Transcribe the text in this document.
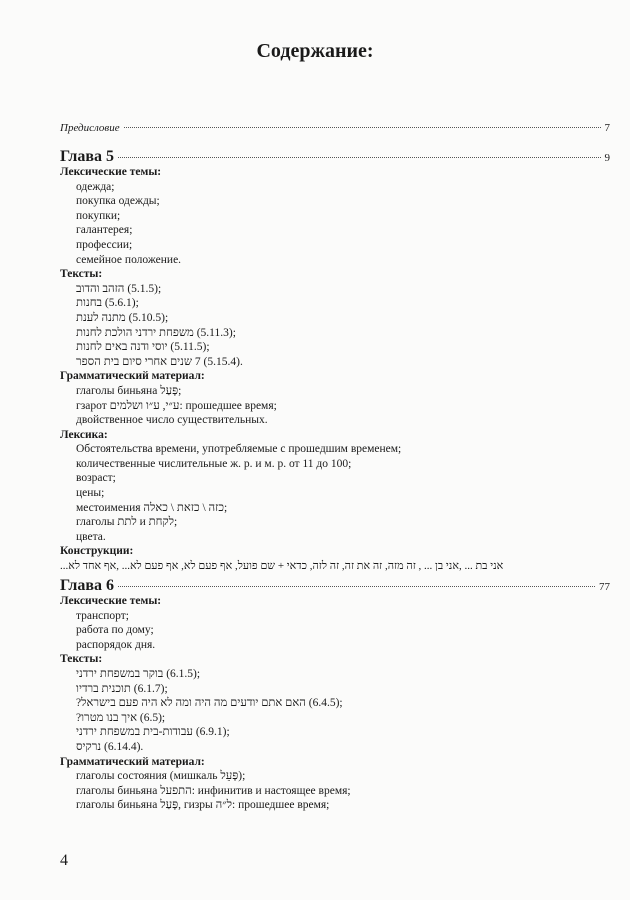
Содержание:
Предисловие	7
Глава 5	9
Лексические темы:
одежда;
покупка одежды;
покупки;
галантерея;
профессии;
семейное положение.
Тексты:
הזהב והדוב (5.1.5);
בחנות (5.6.1);
מתנה לענת (5.10.5);
משפחת ירדני הולכת לחנות (5.11.3);
יוסי ודנה באים לחנות (5.11.5);
7 שנים אחרי סיום בית הספר (5.15.4).
Грамматический материал:
глаголы биньяна פָּעַל;
гзарот ע״י, ע״ו ושלמים: прошедшее время;
двойственное число существительных.
Лексика:
Обстоятельства времени, употребляемые с прошедшим временем;
количественные числительные ж. р. и м. р. от 11 до 100;
возраст;
цены;
местоимения כזה \ כזאת \ כאלה;
глаголы לתת и לקחת;
цвета.
Конструкции:
אני בת ... ,אני בן ... , זה מזה, זה את זה, זה לזה, כדאי + שם פועל, אף פעם לא, אף פעם לא... ,אף אחד לא...
Глава 6	77
Лексические темы:
транспорт;
работа по дому;
распорядок дня.
Тексты:
בוקר במשפחת ירדני (6.1.5);
תוכנית ברדיו (6.1.7);
האם אתם יודעים מה היה ומה לא היה פעם בישראל? (6.4.5);
איך בנו מטרו? (6.5);
עבודות-בית במשפחת ירדני (6.9.1);
נרקיס (6.14.4).
Грамматический материал:
глаголы состояния (мишкаль פָּעֵל);
глаголы биньяна התפעל: инфинитив и настоящее время;
глаголы биньяна פָּעַל, гизры ל״ה: прошедшее время;
4
